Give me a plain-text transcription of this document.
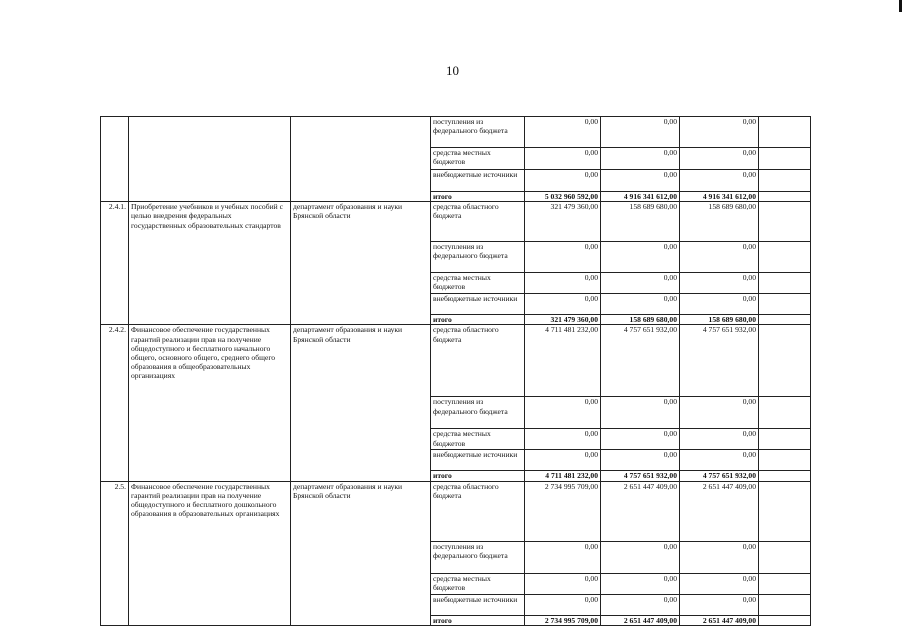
10
			поступления из федерального бюджета	0,00	0,00	0,00	
			средства местных бюджетов	0,00	0,00	0,00	
			внебюджетные источники	0,00	0,00	0,00	
			итого	5 032 960 592,00	4 916 341 612,00	4 916 341 612,00	
2.4.1.	Приобретение учебников и учебных пособий с целью внедрения федеральных государственных образовательных стандартов	департамент образования и науки Брянской области	средства областного бюджета	321 479 360,00	158 689 680,00	158 689 680,00	
			поступления из федерального бюджета	0,00	0,00	0,00	
			средства местных бюджетов	0,00	0,00	0,00	
			внебюджетные источники	0,00	0,00	0,00	
			итого	321 479 360,00	158 689 680,00	158 689 680,00	
2.4.2.	Финансовое обеспечение государственных гарантий реализации прав на получение общедоступного и бесплатного начального общего, основного общего, среднего общего образования в общеобразовательных организациях	департамент образования и науки Брянской области	средства областного бюджета	4 711 481 232,00	4 757 651 932,00	4 757 651 932,00	
			поступления из федерального бюджета	0,00	0,00	0,00	
			средства местных бюджетов	0,00	0,00	0,00	
			внебюджетные источники	0,00	0,00	0,00	
			итого	4 711 481 232,00	4 757 651 932,00	4 757 651 932,00	
2.5.	Финансовое обеспечение государственных гарантий реализации прав на получение общедоступного и бесплатного дошкольного образования в образовательных организациях	департамент образования и науки Брянской области	средства областного бюджета	2 734 995 709,00	2 651 447 409,00	2 651 447 409,00	
			поступления из федерального бюджета	0,00	0,00	0,00	
			средства местных бюджетов	0,00	0,00	0,00	
			внебюджетные источники	0,00	0,00	0,00	
			итого	2 734 995 709,00	2 651 447 409,00	2 651 447 409,00	
